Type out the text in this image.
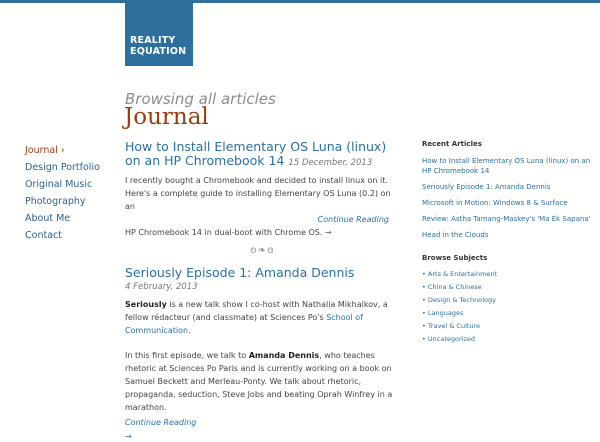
REALITY
EQUATION
Browsing all articles
Journal
Journal ›
Design Portfolio
Original Music
Photography
About Me
Contact
How to Install Elementary OS Luna (linux) on an HP Chromebook 14 15 December, 2013
I recently bought a Chromebook and decided to install linux on it. Here's a complete guide to installing Elementary OS Luna (0.2) on an
Continue Reading
HP Chromebook 14 in dual-boot with Chrome OS. →
ʚ❧ɞ
Seriously Episode 1: Amanda Dennis
4 February, 2013
Seriously is a new talk show I co-host with Nathalia Mikhalkov, a fellow rédacteur (and classmate) at Sciences Po's School of Communication.
In this first episode, we talk to Amanda Dennis, who teaches rhetoric at Sciences Po Paris and is currently working on a book on Samuel Beckett and Merleau-Ponty. We talk about rhetoric, propaganda, seduction, Steve Jobs and beating Oprah Winfrey in a marathon.
Continue Reading
→
Recent Articles
How to Install Elementary OS Luna (linux) on an HP Chromebook 14
Seriously Episode 1: Amanda Dennis
Microsoft in Motion: Windows 8 & Surface
Review: Astha Tamang-Maskey's 'Ma Ek Sapana'
Head in the Clouds
Browse Subjects
• Arts & Entertainment
• China & Chinese
• Design & Technology
• Languages
• Travel & Culture
• Uncategorized
